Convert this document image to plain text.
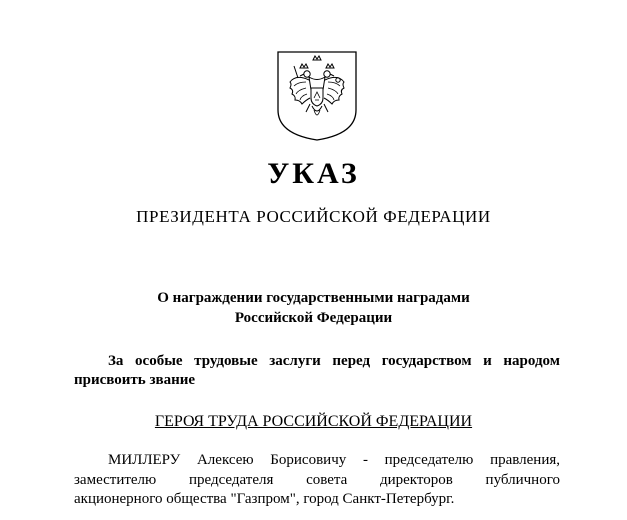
УКАЗ
ПРЕЗИДЕНТА РОССИЙСКОЙ ФЕДЕРАЦИИ
О награждении государственными наградами
Российской Федерации
За особые трудовые заслуги перед государством и народом
присвоить звание
ГЕРОЯ ТРУДА РОССИЙСКОЙ ФЕДЕРАЦИИ
МИЛЛЕРУ Алексею Борисовичу - председателю правления,
заместителю председателя совета директоров публичного
акционерного общества "Газпром", город Санкт-Петербург.
